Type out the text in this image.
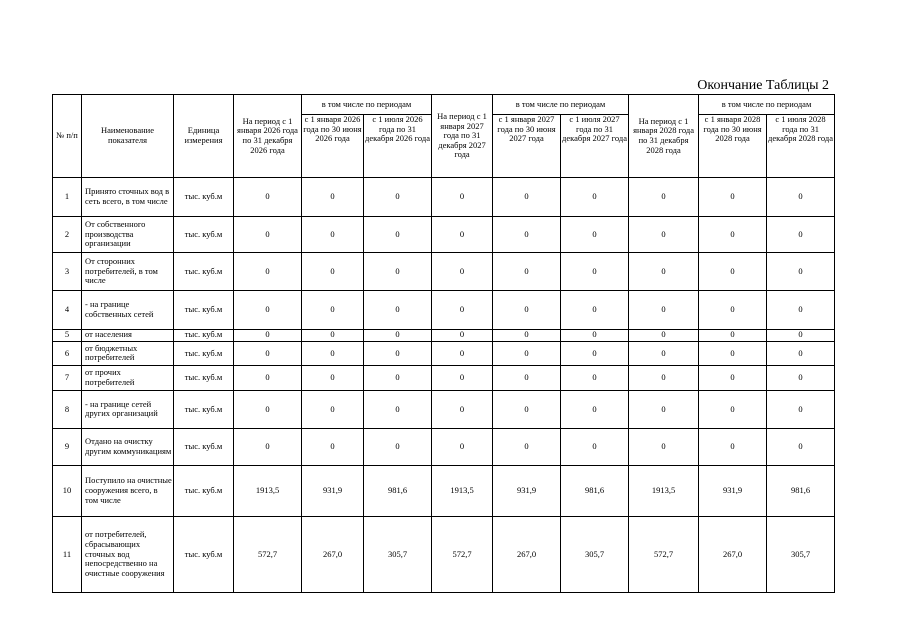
Окончание Таблицы 2
№ п/п	Наименование показателя	Единица измерения	На период с 1 января 2026 года по 31 декабря 2026 года	в том числе по периодам		На период с 1 января 2027 года по 31 декабря 2027 года	в том числе по периодам		На период с 1 января 2028 года по 31 декабря 2028 года	в том числе по периодам	
				с 1 января 2026 года по 30 июня 2026 года	с 1 июля 2026 года по 31 декабря 2026 года		с 1 января 2027 года по 30 июня 2027 года	с 1 июля 2027 года по 31 декабря 2027 года		с 1 января 2028 года по 30 июня 2028 года	с 1 июля 2028 года по 31 декабря 2028 года
1	Принято сточных вод в сеть всего, в том числе	тыс. куб.м	0	0	0	0	0	0	0	0	0
2	От собственного производства организации	тыс. куб.м	0	0	0	0	0	0	0	0	0
3	От сторонних потребителей, в том числе	тыс. куб.м	0	0	0	0	0	0	0	0	0
4	- на границе собственных сетей	тыс. куб.м	0	0	0	0	0	0	0	0	0
5	от населения	тыс. куб.м	0	0	0	0	0	0	0	0	0
6	от бюджетных потребителей	тыс. куб.м	0	0	0	0	0	0	0	0	0
7	от прочих потребителей	тыс. куб.м	0	0	0	0	0	0	0	0	0
8	- на границе сетей других организаций	тыс. куб.м	0	0	0	0	0	0	0	0	0
9	Отдано на очистку другим коммуникациям	тыс. куб.м	0	0	0	0	0	0	0	0	0
10	Поступило на очистные сооружения всего, в том числе	тыс. куб.м	1913,5	931,9	981,6	1913,5	931,9	981,6	1913,5	931,9	981,6
11	от потребителей, сбрасывающих сточных вод непосредственно на очистные сооружения	тыс. куб.м	572,7	267,0	305,7	572,7	267,0	305,7	572,7	267,0	305,7
